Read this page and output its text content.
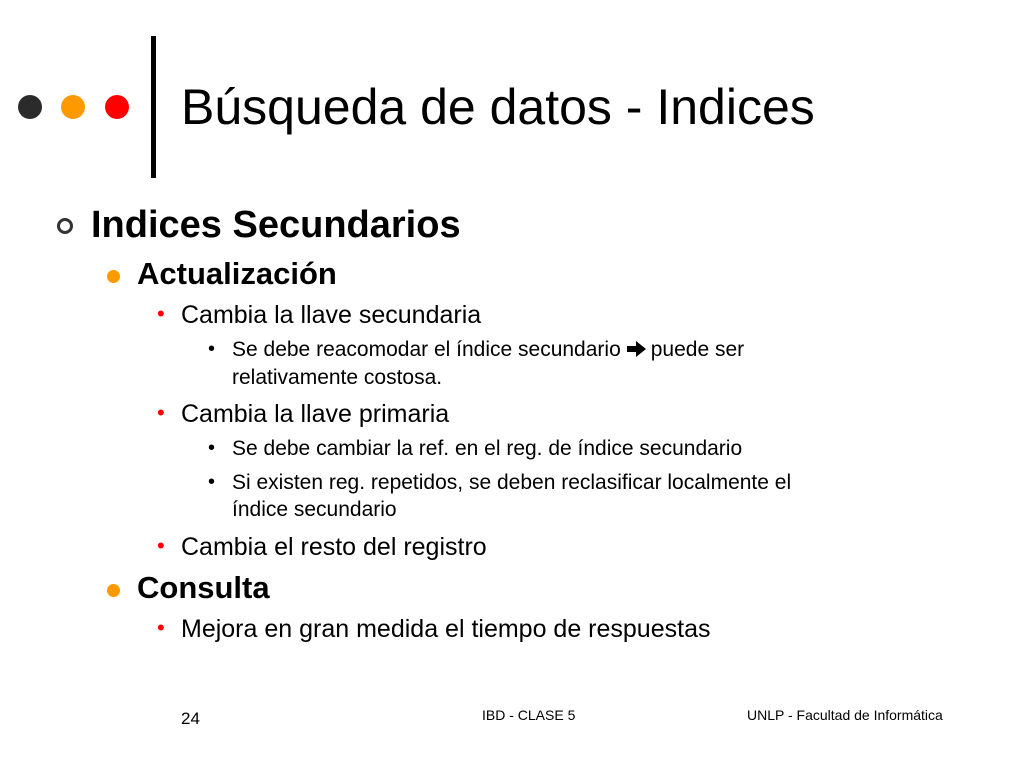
Búsqueda de datos - Indices
Indices Secundarios
Actualización
• Cambia la llave secundaria
• Se debe reacomodar el índice secundario puede ser
relativamente costosa.
• Cambia la llave primaria
• Se debe cambiar la ref. en el reg. de índice secundario
• Si existen reg. repetidos, se deben reclasificar localmente el
índice secundario
• Cambia el resto del registro
Consulta
• Mejora en gran medida el tiempo de respuestas
24	IBD - CLASE 5	UNLP - Facultad de Informática
